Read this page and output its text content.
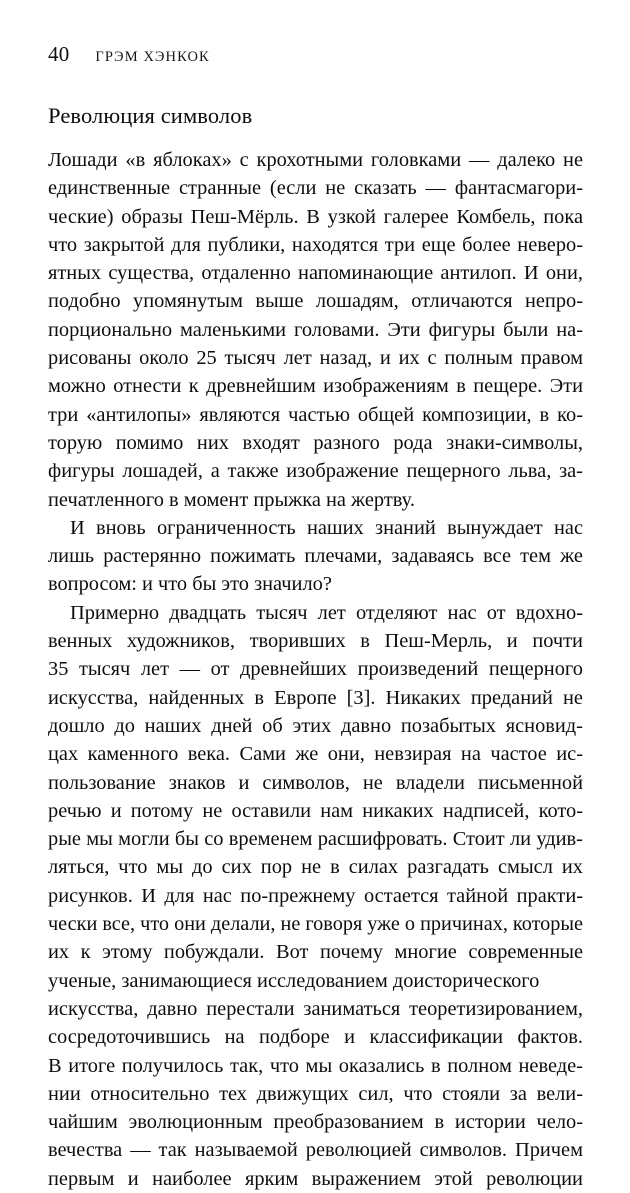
40 ГРЭМ ХЭНКОК
Революция символов
Лошади «в яблоках» с крохотными головками — далеко не
единственные странные (если не сказать — фантасмагори-
ческие) образы Пеш-Мёрль. В узкой галерее Комбель, пока
что закрытой для публики, находятся три еще более неверо-
ятных существа, отдаленно напоминающие антилоп. И они,
подобно упомянутым выше лошадям, отличаются непро-
порционально маленькими головами. Эти фигуры были на-
рисованы около 25 тысяч лет назад, и их с полным правом
можно отнести к древнейшим изображениям в пещере. Эти
три «антилопы» являются частью общей композиции, в ко-
торую помимо них входят разного рода знаки-символы,
фигуры лошадей, а также изображение пещерного льва, за-
печатленного в момент прыжка на жертву.
И вновь ограниченность наших знаний вынуждает нас
лишь растерянно пожимать плечами, задаваясь все тем же
вопросом: и что бы это значило?
Примерно двадцать тысяч лет отделяют нас от вдохно-
венных художников, творивших в Пеш-Мерль, и почти
35 тысяч лет — от древнейших произведений пещерного
искусства, найденных в Европе [3]. Никаких преданий не
дошло до наших дней об этих давно позабытых ясновид-
цах каменного века. Сами же они, невзирая на частое ис-
пользование знаков и символов, не владели письменной
речью и потому не оставили нам никаких надписей, кото-
рые мы могли бы со временем расшифровать. Стоит ли удив-
ляться, что мы до сих пор не в силах разгадать смысл их
рисунков. И для нас по-прежнему остается тайной практи-
чески все, что они делали, не говоря уже о причинах, которые
их к этому побуждали. Вот почему многие современные
ученые, занимающиеся исследованием доисторического
искусства, давно перестали заниматься теоретизированием,
сосредоточившись на подборе и классификации фактов.
В итоге получилось так, что мы оказались в полном неведе-
нии относительно тех движущих сил, что стояли за вели-
чайшим эволюционным преобразованием в истории чело-
вечества — так называемой революцией символов. Причем
первым и наиболее ярким выражением этой революции
